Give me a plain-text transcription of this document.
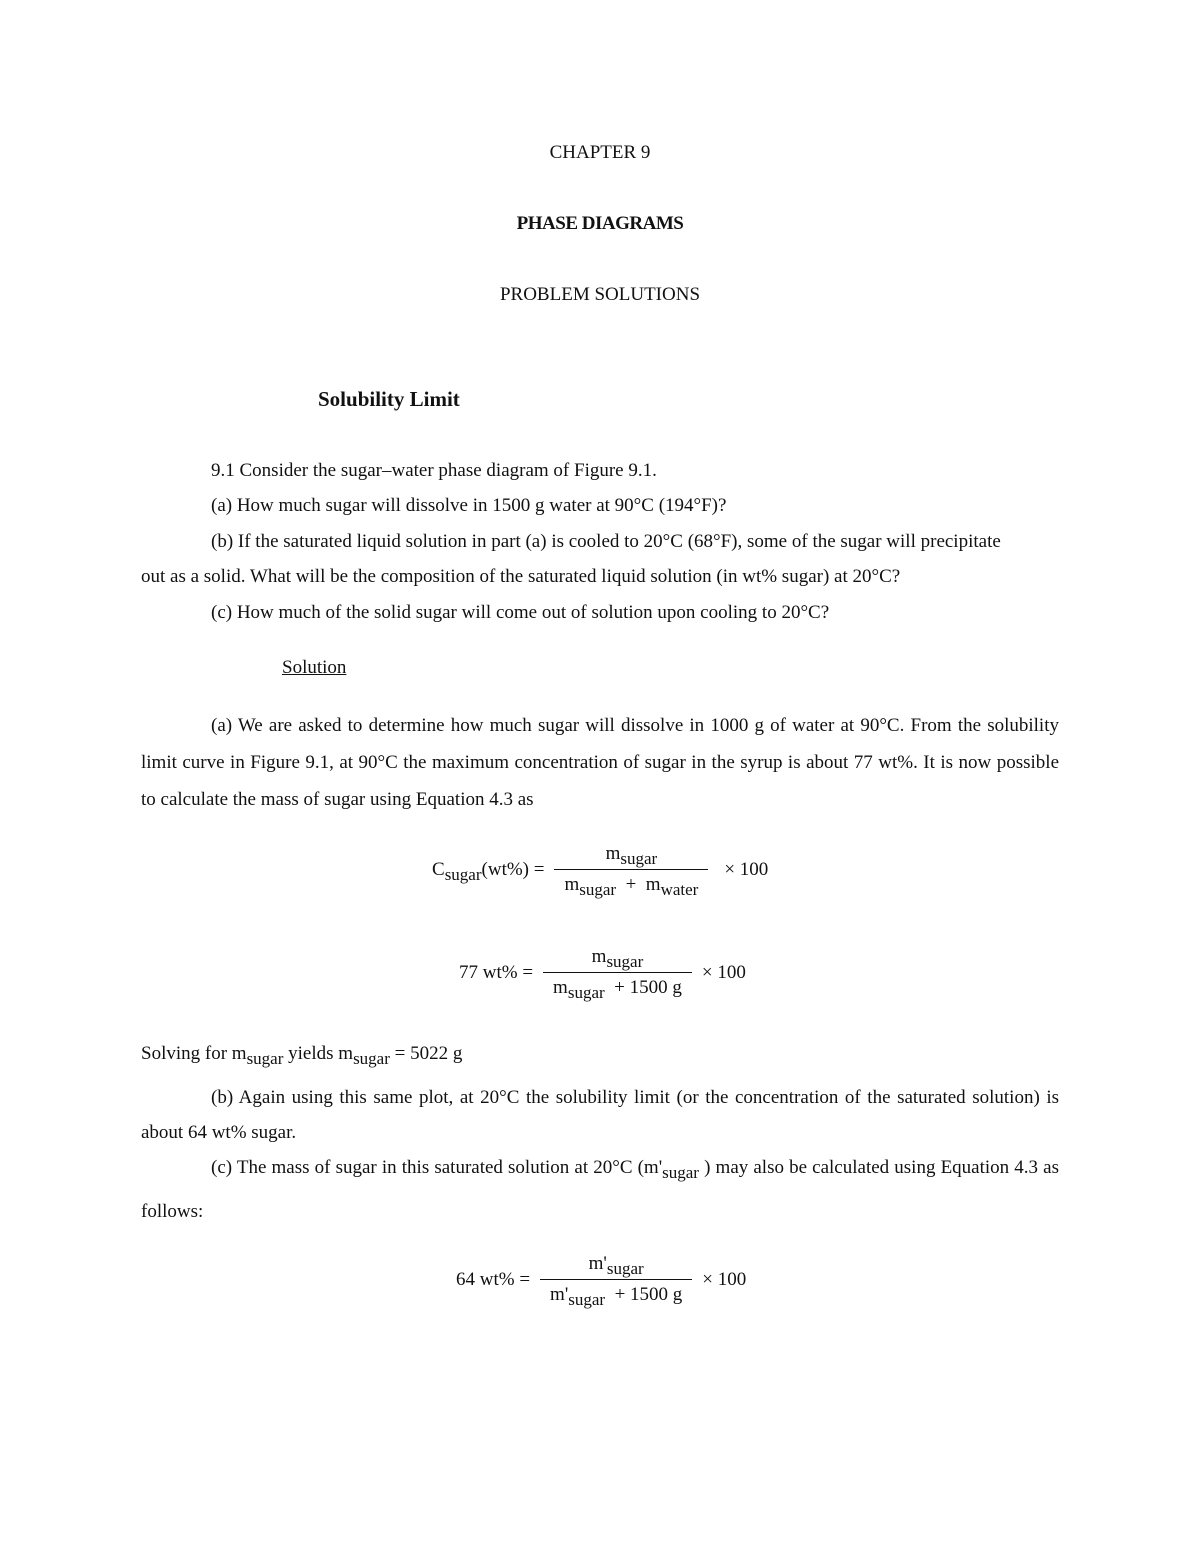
CHAPTER 9
PHASE DIAGRAMS
PROBLEM SOLUTIONS
Solubility Limit
9.1 Consider the sugar–water phase diagram of Figure 9.1.
(a) How much sugar will dissolve in 1500 g water at 90°C (194°F)?
(b) If the saturated liquid solution in part (a) is cooled to 20°C (68°F), some of the sugar will precipitate
out as a solid. What will be the composition of the saturated liquid solution (in wt% sugar) at 20°C?
(c) How much of the solid sugar will come out of solution upon cooling to 20°C?
Solution
(a) We are asked to determine how much sugar will dissolve in 1000 g of water at 90°C. From the solubility limit curve in Figure 9.1, at 90°C the maximum concentration of sugar in the syrup is about 77 wt%. It is now possible to calculate the mass of sugar using Equation 4.3 as
$C_{sugar}(wt\%) = \frac{m_{sugar}}{m_{sugar} + m_{water}} \times 100$
77 $wt\% = \frac{m_{sugar}}{m_{sugar} + 1500 g} \times 100$
Solving for $m_{sugar}$ yields $m_{sugar} = 5022$ g
(b) Again using this same plot, at 20°C the solubility limit (or the concentration of the saturated solution) is about 64 wt% sugar.
(c) The mass of sugar in this saturated solution at 20°C ($m'_{sugar}$ ) may also be calculated using Equation 4.3 as follows:
64 $wt\% = \frac{m'_{sugar}}{m'_{sugar} + 1500 g} \times 100$
